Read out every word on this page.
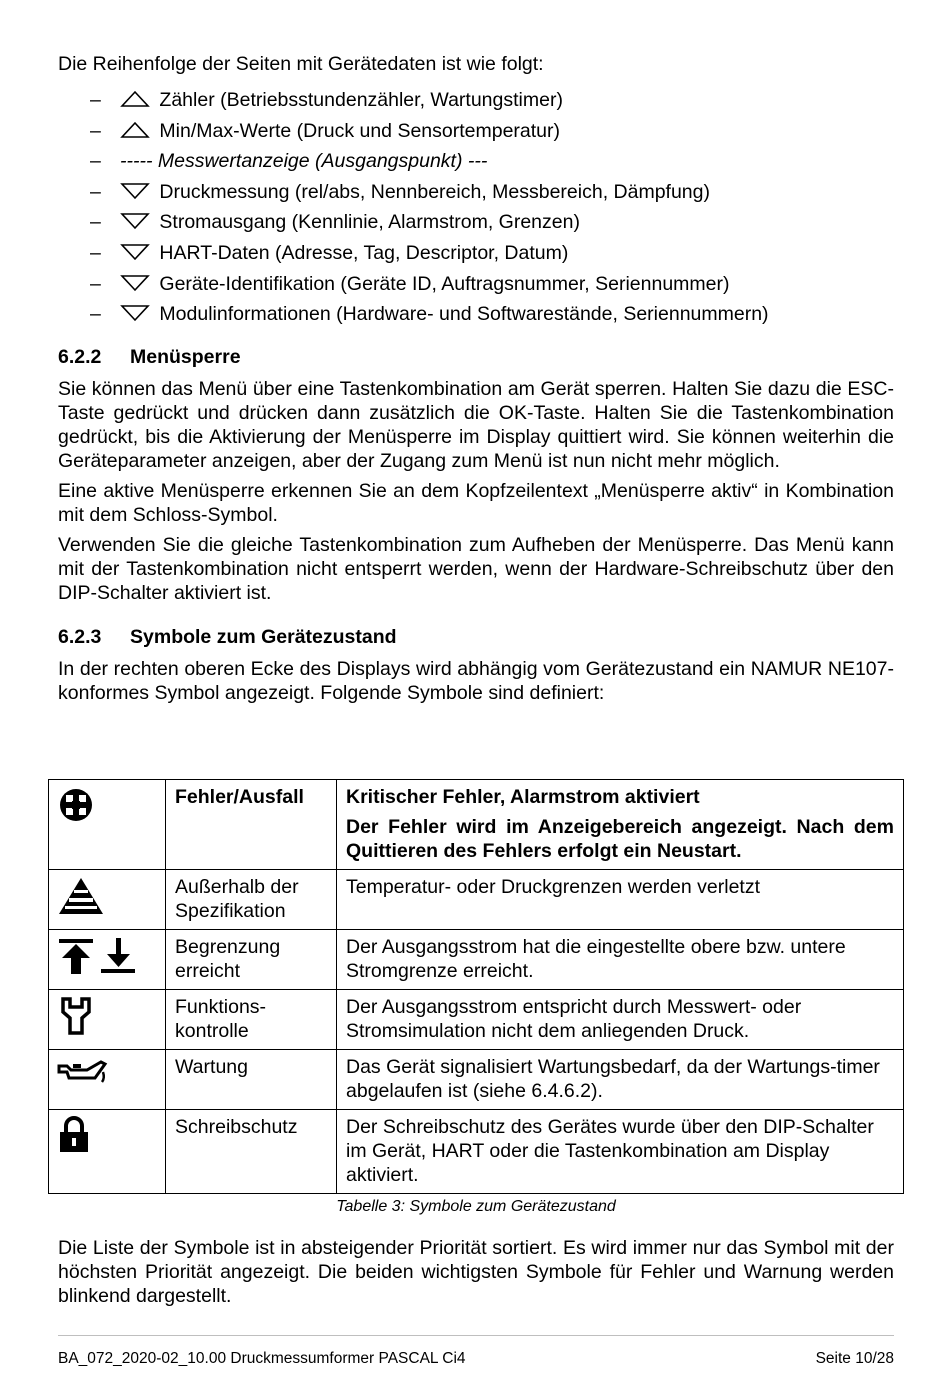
Die Reihenfolge der Seiten mit Gerätedaten ist wie folgt:

–	Zähler (Betriebsstundenzähler, Wartungstimer)
–	Min/Max-Werte (Druck und Sensortemperatur)
– ----- Messwertanzeige (Ausgangspunkt) ---
–	Druckmessung (rel/abs, Nennbereich, Messbereich, Dämpfung)
–	Stromausgang (Kennlinie, Alarmstrom, Grenzen)
–	HART-Daten (Adresse, Tag, Descriptor, Datum)
–	Geräte-Identifikation (Geräte ID, Auftragsnummer, Seriennummer)
–	Modulinformationen (Hardware- und Softwarestände, Seriennummern)
6.2.2 Menüsperre

Sie können das Menü über eine Tastenkombination am Gerät sperren. Halten Sie dazu die ESC-Taste gedrückt und drücken dann zusätzlich die OK-Taste. Halten Sie die Tastenkombination gedrückt, bis die Aktivierung der Menüsperre im Display quittiert wird. Sie können weiterhin die Geräteparameter anzeigen, aber der Zugang zum Menü ist nun nicht mehr möglich.

Eine aktive Menüsperre erkennen Sie an dem Kopfzeilentext „Menüsperre aktiv“ in Kombination mit dem Schloss-Symbol.

Verwenden Sie die gleiche Tastenkombination zum Aufheben der Menüsperre. Das Menü kann mit der Tastenkombination nicht entsperrt werden, wenn der Hardware-Schreibschutz über den DIP-Schalter aktiviert ist.

6.2.3 Symbole zum Gerätezustand

In der rechten oberen Ecke des Displays wird abhängig vom Gerätezustand ein NAMUR NE107-konformes Symbol angezeigt. Folgende Symbole sind definiert:

	Fehler/Ausfall	Kritischer Fehler, Alarmstrom aktiviert
Der Fehler wird im Anzeigebereich angezeigt. Nach dem Quittieren des Fehlers erfolgt ein Neustart.

	Außerhalb der Spezifikation	Temperatur- oder Druckgrenzen werden verletzt

	Begrenzung erreicht	Der Ausgangsstrom hat die eingestellte obere bzw. untere Stromgrenze erreicht.

	Funktions-kontrolle	Der Ausgangsstrom entspricht durch Messwert- oder Stromsimulation nicht dem anliegenden Druck.

	Wartung	Das Gerät signalisiert Wartungsbedarf, da der Wartungs-timer abgelaufen ist (siehe 6.4.6.2).

	Schreibschutz	Der Schreibschutz des Gerätes wurde über den DIP-Schalter im Gerät, HART oder die Tastenkombination am Display aktiviert.
Tabelle 3: Symbole zum Gerätezustand

Die Liste der Symbole ist in absteigender Priorität sortiert. Es wird immer nur das Symbol mit der höchsten Priorität angezeigt. Die beiden wichtigsten Symbole für Fehler und Warnung werden blinkend dargestellt.

BA_072_2020-02_10.00 Druckmessumformer PASCAL Ci4	Seite 10/28
